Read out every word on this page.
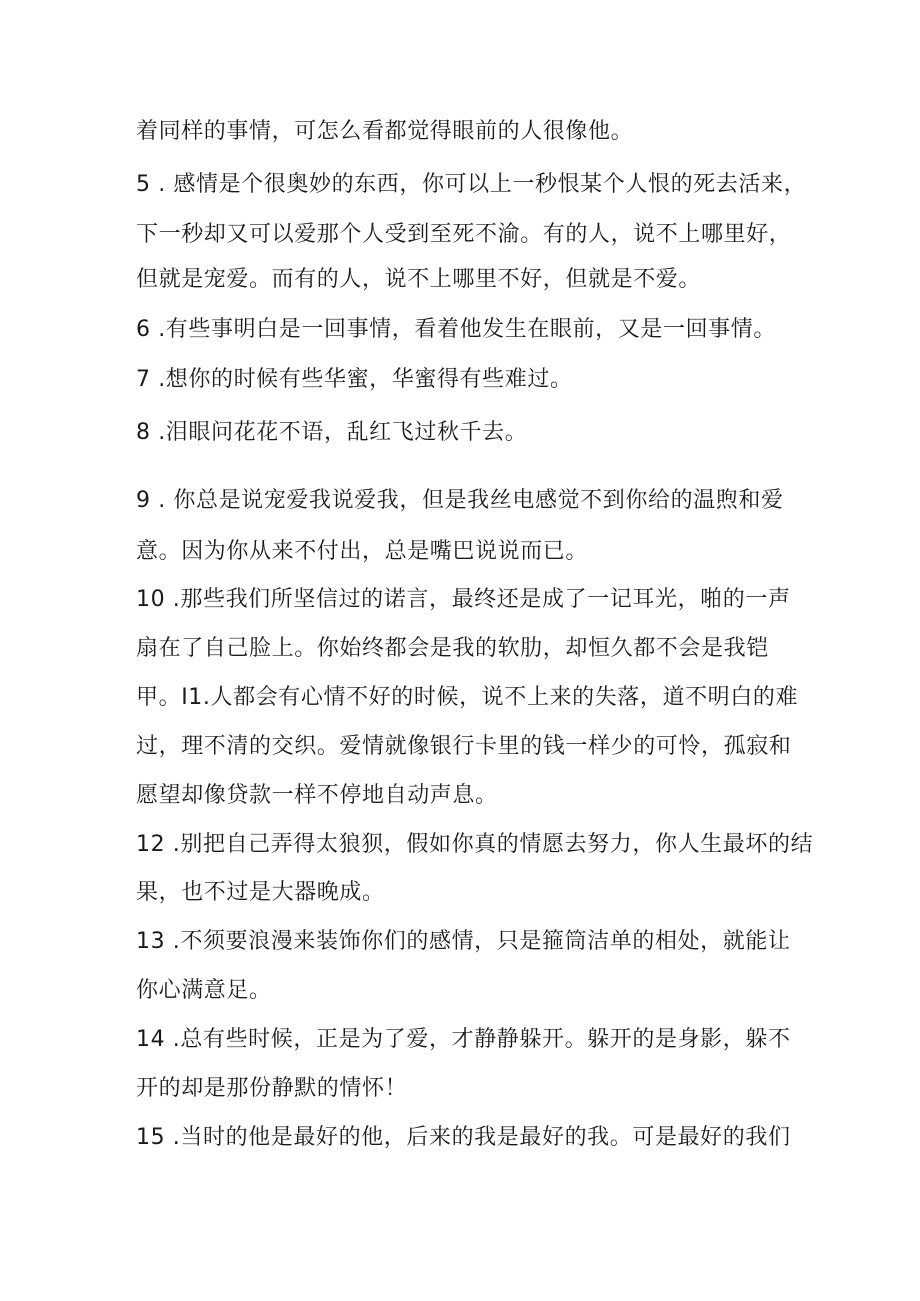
着同样的事情，可怎么看都觉得眼前的人很像他。
5 . 感情是个很奥妙的东西，你可以上一秒恨某个人恨的死去活来，
下一秒却又可以爱那个人受到至死不渝。有的人，说不上哪里好，
但就是宠爱。而有的人，说不上哪里不好，但就是不爱。
6 .有些事明白是一回事情，看着他发生在眼前，又是一回事情。
7 .想你的时候有些华蜜，华蜜得有些难过。
8 .泪眼问花花不语，乱红飞过秋千去。
9 . 你总是说宠爱我说爱我，但是我丝电感觉不到你给的温煦和爱
意。因为你从来不付出，总是嘴巴说说而已。
10 .那些我们所坚信过的诺言，最终还是成了一记耳光，啪的一声
扇在了自己脸上。你始终都会是我的软肋，却恒久都不会是我铠
甲。I1.人都会有心情不好的时候，说不上来的失落，道不明白的难
过，理不清的交织。爱情就像银行卡里的钱一样少的可怜，孤寂和
愿望却像贷款一样不停地自动声息。
12 .别把自己弄得太狼狈，假如你真的情愿去努力，你人生最坏的结
果，也不过是大器晚成。
13 .不须要浪漫来装饰你们的感情，只是箍筒洁单的相处，就能让
你心满意足。
14 .总有些时候，正是为了爱，才静静躲开。躲开的是身影，躲不
开的却是那份静默的情怀！
15 .当时的他是最好的他，后来的我是最好的我。可是最好的我们
